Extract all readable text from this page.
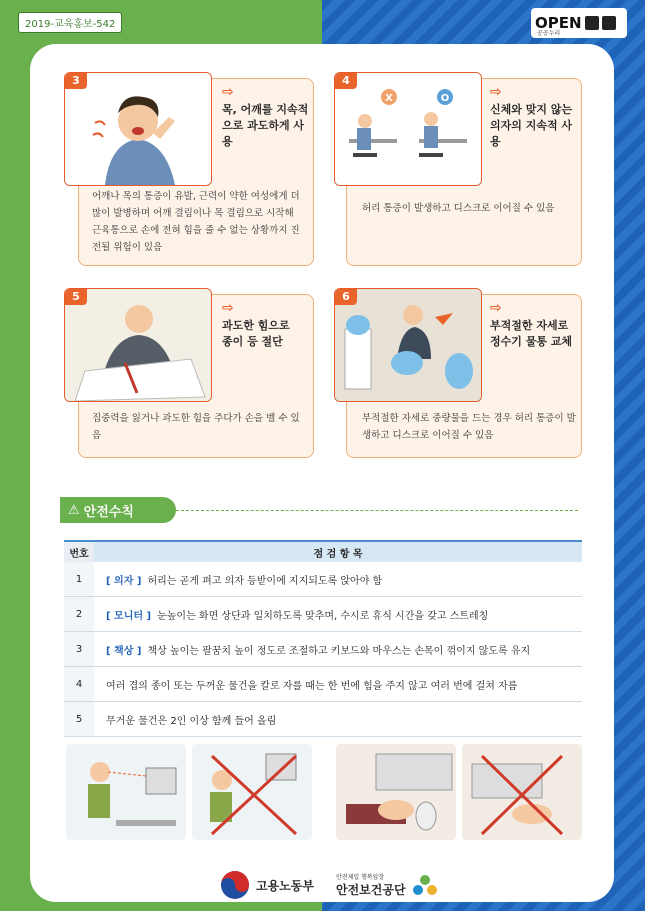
2019-교육홍보-542	OPEN
공공누리
3
⇨
목, 어깨를 지속적
으로 과도하게 사용
어깨나 목의 통증이 유발, 근력이 약한 여성에게 더 많이 발병하며 어깨 결림이나 목 결림으로 시작해 근육통으로 손에 전혀 힘을 줄 수 없는 상황까지 진전될 위험이 있음
X	O
4
⇨
신체와 맞지 않는
의자의 지속적 사용
허리 통증이 발생하고 디스크로 이어질 수 있음
5
⇨
과도한 힘으로
종이 등 절단
집중력을 잃거나 과도한 힘을 주다가 손을 벨 수 있음
6
⇨
부적절한 자세로
정수기 물통 교체
부적절한 자세로 중량물을 드는 경우 허리 통증이 발생하고 디스크로 이어질 수 있음
⚠ 안전수칙
번호	점 검 항 목
1	[ 의자 ] 허리는 곧게 펴고 의자 등받이에 지지되도록 앉아야 함
2	[ 모니터 ] 눈높이는 화면 상단과 일치하도록 맞추며, 수시로 휴식 시간을 갖고 스트레칭
3	[ 책상 ] 책상 높이는 팔꿈치 높이 정도로 조절하고 키보드와 마우스는 손목이 꺾이지 않도록 유지
4	여러 겹의 종이 또는 두꺼운 물건을 칼로 자를 때는 한 번에 힘을 주지 않고 여러 번에 걸쳐 자름
5	무거운 물건은 2인 이상 함께 들어 올림
고용노동부
안전제일 행복앞장
안전보건공단
